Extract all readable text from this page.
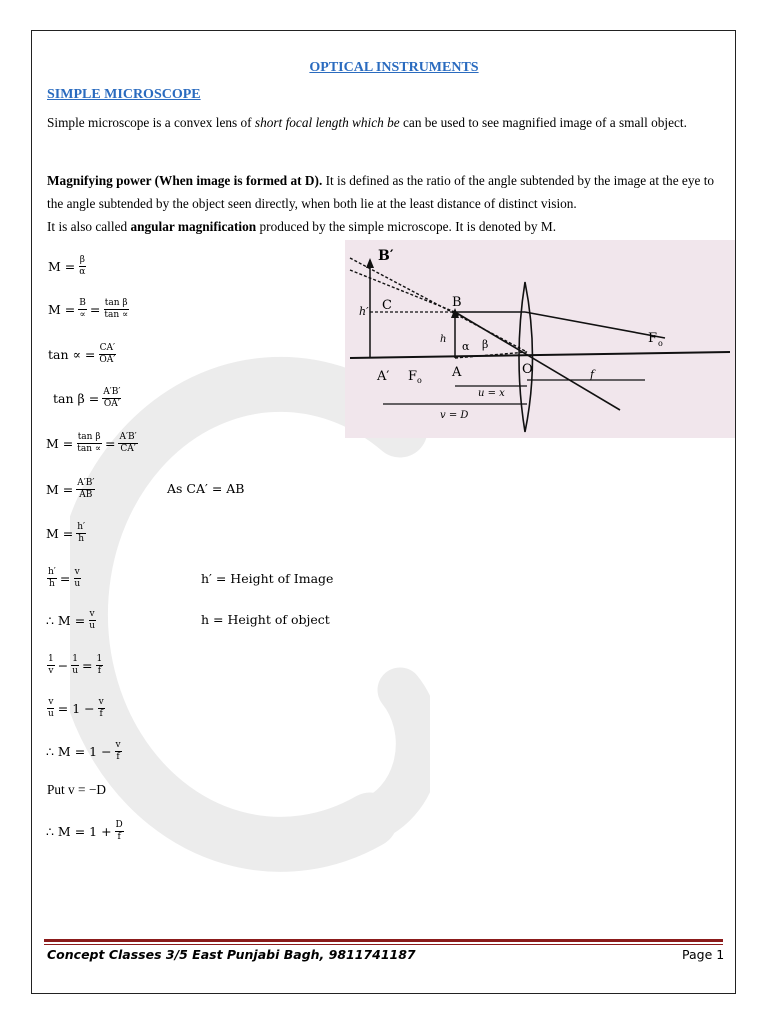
OPTICAL INSTRUMENTS
SIMPLE MICROSCOPE
Simple microscope is a convex lens of short focal length which be can be used to see magnified image of a small object.
Magnifying power (When image is formed at D). It is defined as the ratio of the angle subtended by the image at the eye to the angle subtended by the object seen directly, when both lie at the least distance of distinct vision.
It is also called angular magnification produced by the simple microscope. It is denoted by M.
$M = \frac{\beta}{\alpha}$
$M = \frac{B}{\propto} = \frac{\text{tan β}}{\tan \propto}$
tan ∝ = $\frac{CA'}{OA'}$
$\tan \beta = \frac{A'B'}{OA'}$
$M = \frac{\text{tan β}}{\tan \propto} = \frac{A'B'}{CA'}$
$M = \frac{A'B'}{AB}$	As CA′ = AB
$M = \frac{h'}{h}$
$\frac{h'}{h} = \frac{v}{u}$	h′ = Height of Image
∴ $M = \frac{v}{u}$	h = Height of object
$\frac{1}{v} - \frac{1}{u} = \frac{1}{f}$
$\frac{v}{u} = 1 - \frac{v}{f}$
∴ $M = 1 - \frac{v}{f}$
Put v = −D
∴ $M = 1 + \frac{D}{f}$
B′
h′ C	B
h
α β
A′ F o
A	O
F o
u = x
v = D
f
Concept Classes 3/5 East Punjabi Bagh, 9811741187	Page 1
